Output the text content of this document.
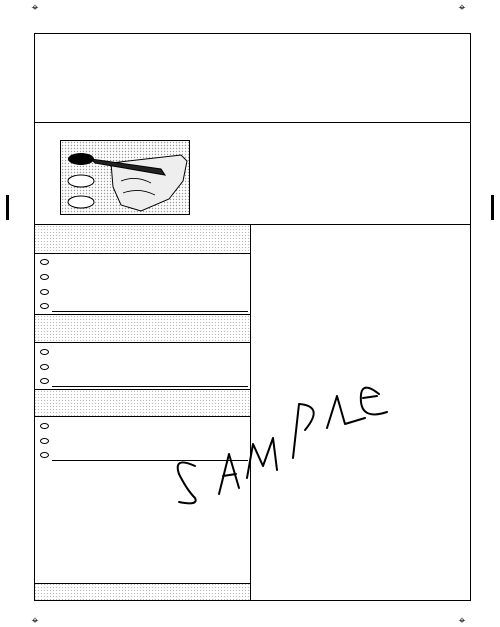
⌖	⌖
⌖	⌖
